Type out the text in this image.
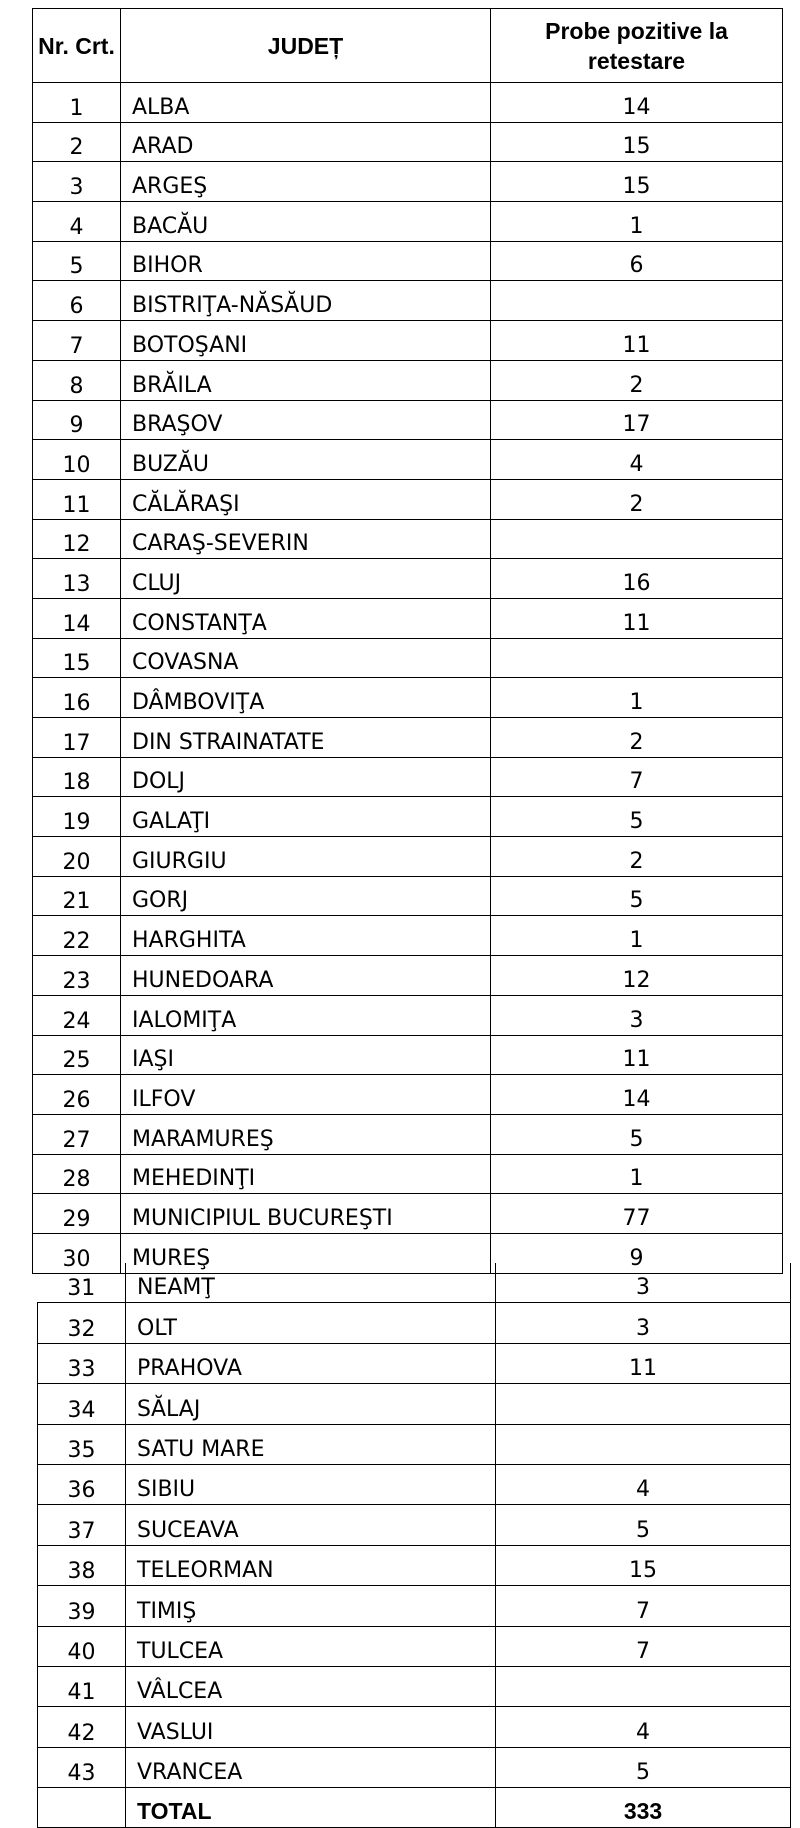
Nr. Crt.	JUDEȚ	Probe pozitive la retestare
1	ALBA	14
2	ARAD	15
3	ARGEŞ	15
4	BACĂU	1
5	BIHOR	6
6	BISTRIŢA-NĂSĂUD	
7	BOTOŞANI	11
8	BRĂILA	2
9	BRAŞOV	17
10	BUZĂU	4
11	CĂLĂRAŞI	2
12	CARAŞ-SEVERIN	
13	CLUJ	16
14	CONSTANŢA	11
15	COVASNA	
16	DÂMBOVIŢA	1
17	DIN STRAINATATE	2
18	DOLJ	7
19	GALAŢI	5
20	GIURGIU	2
21	GORJ	5
22	HARGHITA	1
23	HUNEDOARA	12
24	IALOMIŢA	3
25	IAŞI	11
26	ILFOV	14
27	MARAMUREŞ	5
28	MEHEDINŢI	1
29	MUNICIPIUL BUCUREŞTI	77
30	MUREŞ	9
31	NEAMŢ	3
32	OLT	3
33	PRAHOVA	11
34	SĂLAJ	
35	SATU MARE	
36	SIBIU	4
37	SUCEAVA	5
38	TELEORMAN	15
39	TIMIŞ	7
40	TULCEA	7
41	VÂLCEA	
42	VASLUI	4
43	VRANCEA	5
	TOTAL	333
